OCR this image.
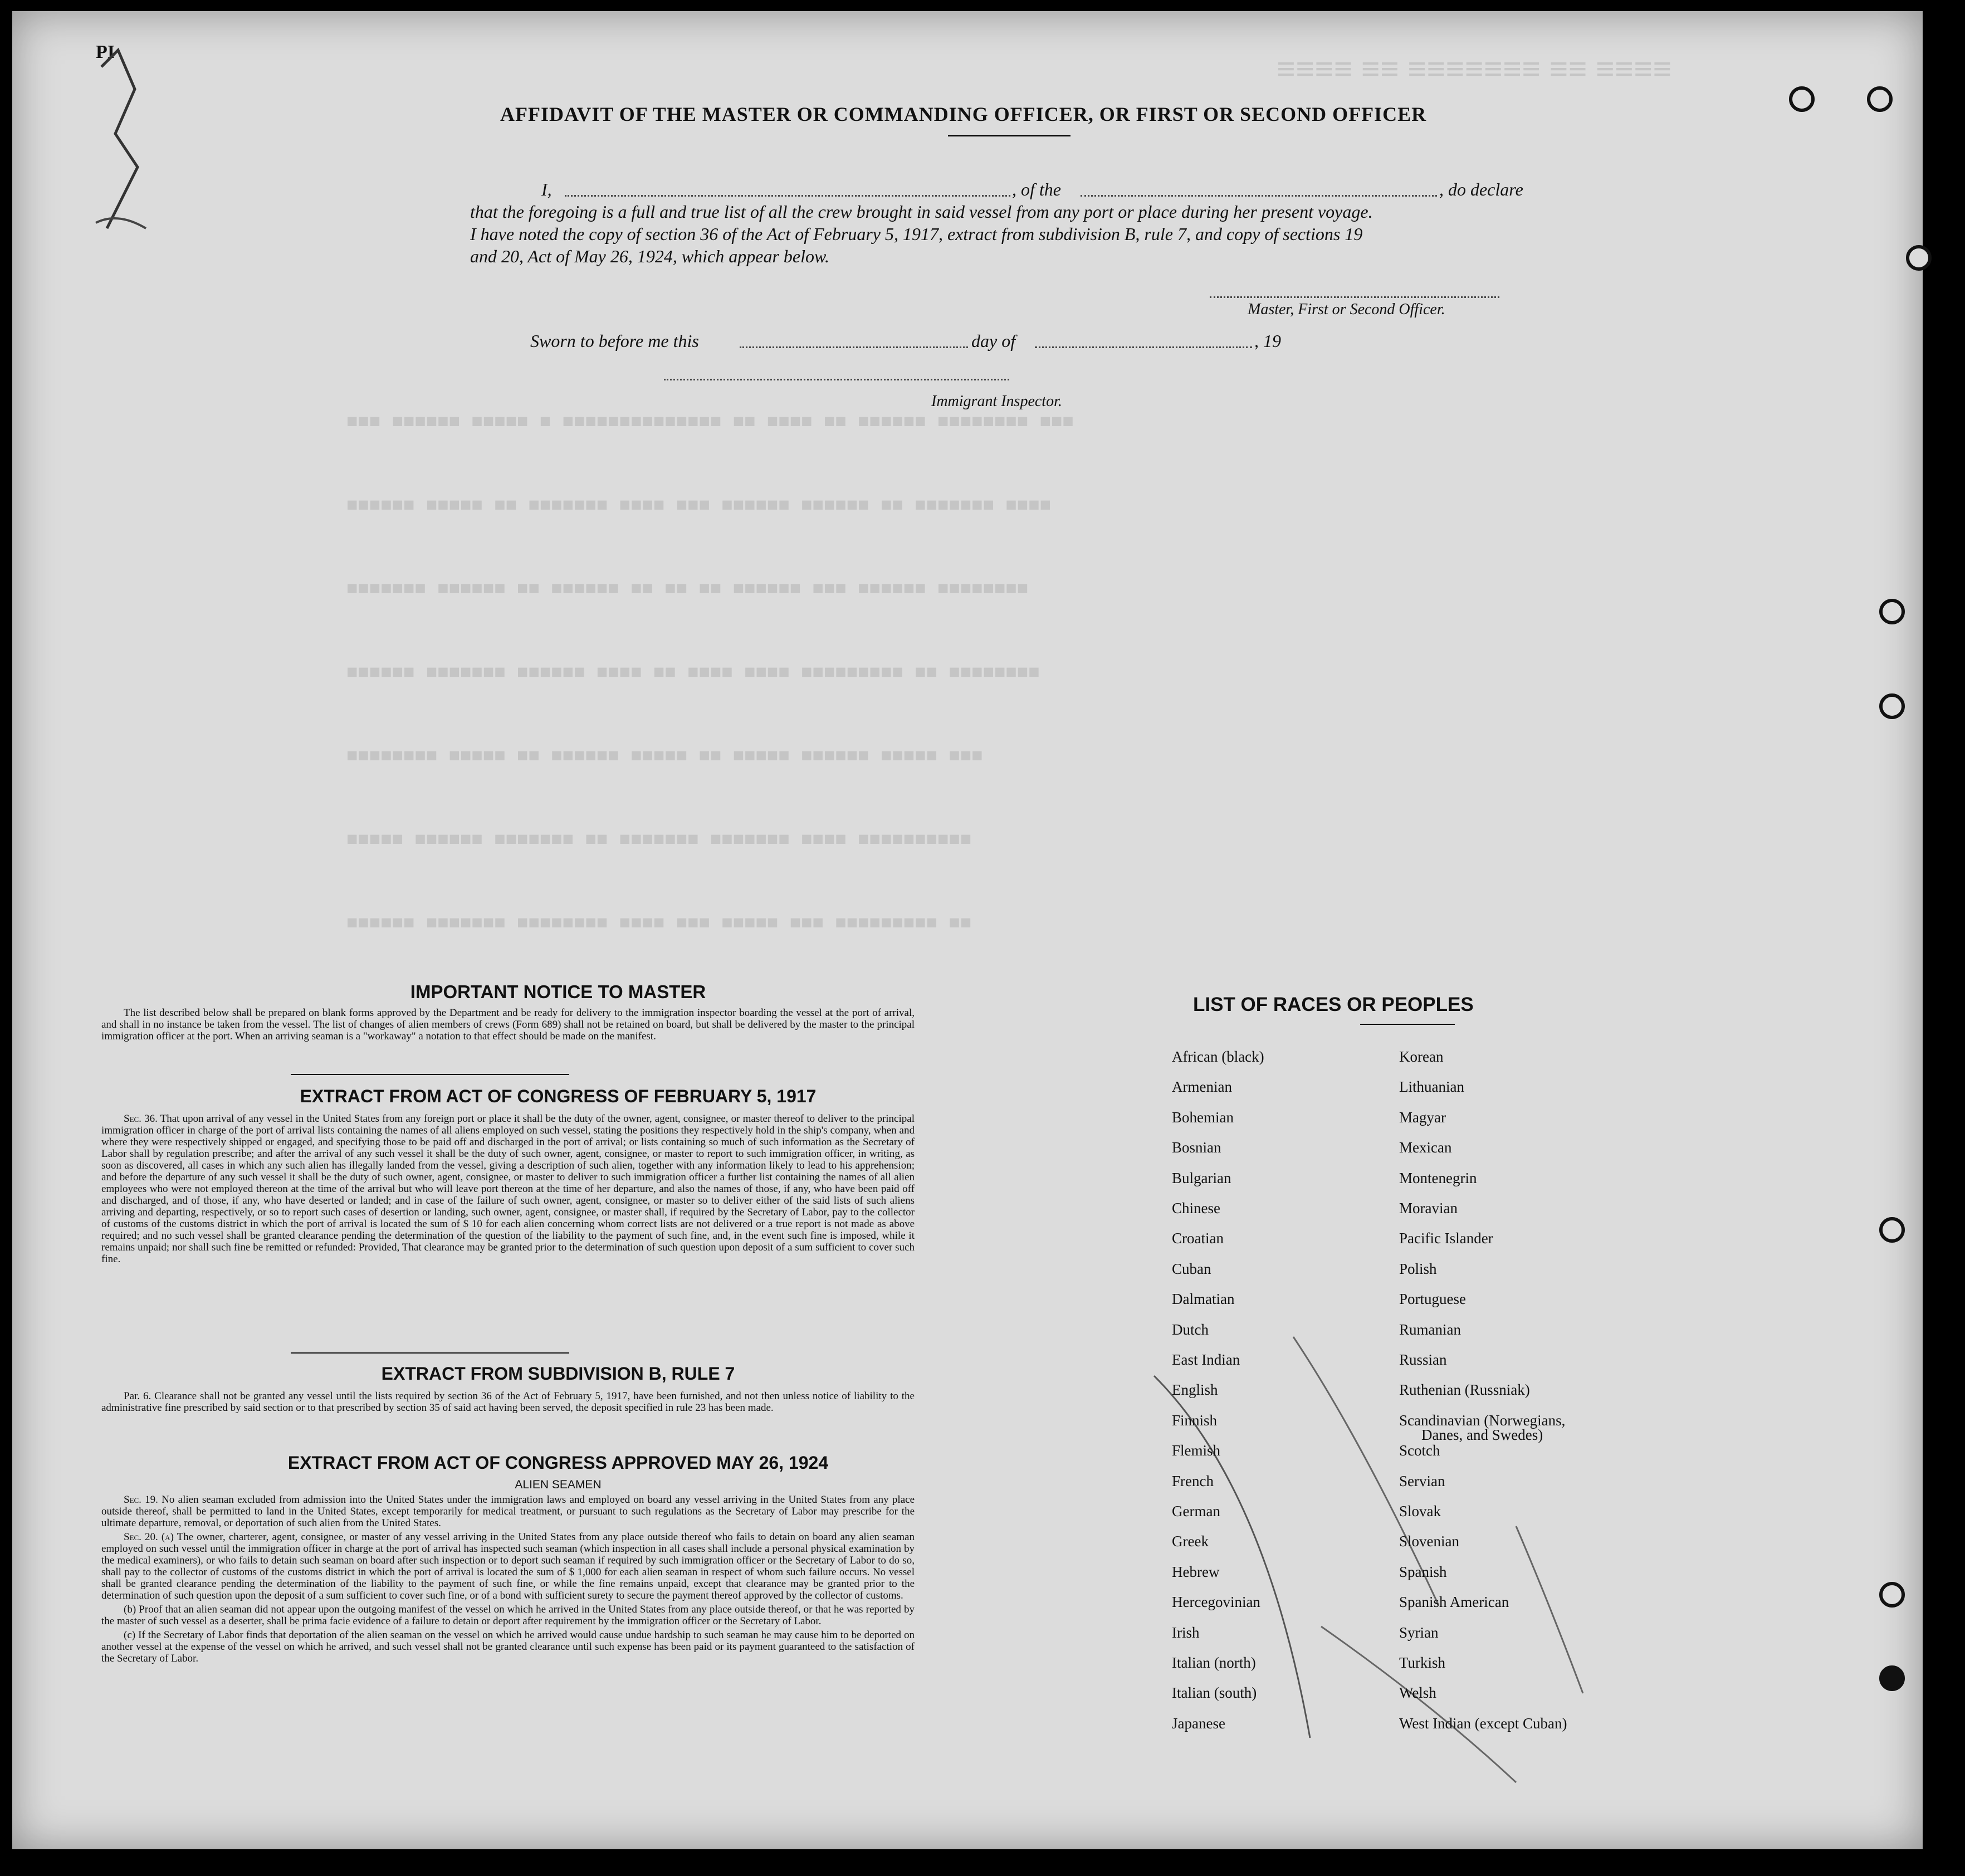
≡≡≡≡ ≡≡ ≡≡≡≡≡≡≡ ≡≡ ≡≡≡≡
■■■ ■■■■■■ ■■■■■ ■ ■■■■■■■■■■■■■■ ■■ ■■■■ ■■ ■■■■■■ ■■■■■■■■ ■■■
■■■■■■ ■■■■■ ■■ ■■■■■■■ ■■■■ ■■■ ■■■■■■ ■■■■■■ ■■ ■■■■■■■ ■■■■
■■■■■■■ ■■■■■■ ■■ ■■■■■■ ■■ ■■ ■■ ■■■■■■ ■■■ ■■■■■■ ■■■■■■■■
■■■■■■ ■■■■■■■ ■■■■■■ ■■■■ ■■ ■■■■ ■■■■ ■■■■■■■■■ ■■ ■■■■■■■■
■■■■■■■■ ■■■■■ ■■ ■■■■■■ ■■■■■ ■■ ■■■■■ ■■■■■■ ■■■■■ ■■■
■■■■■ ■■■■■■ ■■■■■■■ ■■ ■■■■■■■ ■■■■■■■ ■■■■ ■■■■■■■■■■
■■■■■■ ■■■■■■■ ■■■■■■■■ ■■■■ ■■■ ■■■■■ ■■■ ■■■■■■■■■ ■■
PI
AFFIDAVIT OF THE MASTER OR COMMANDING OFFICER, OR FIRST OR SECOND OFFICER
I,	, of the	, do declare
that the foregoing is a full and true list of all the crew brought in said vessel from any port or place during her present voyage.
I have noted the copy of section 36 of the Act of February 5, 1917, extract from subdivision B, rule 7, and copy of sections 19
and 20, Act of May 26, 1924, which appear below.
Master, First or Second Officer.
Sworn to before me this	day of	, 19
Immigrant Inspector.
IMPORTANT NOTICE TO MASTER
The list described below shall be prepared on blank forms approved by the Department and be ready for delivery to the immigration inspector boarding the vessel at the port of arrival, and shall in no instance be taken from the vessel. The list of changes of alien members of crews (Form 689) shall not be retained on board, but shall be delivered by the master to the principal immigration officer at the port. When an arriving seaman is a "workaway" a notation to that effect should be made on the manifest.
EXTRACT FROM ACT OF CONGRESS OF FEBRUARY 5, 1917
Sec. 36. That upon arrival of any vessel in the United States from any foreign port or place it shall be the duty of the owner, agent, consignee, or master thereof to deliver to the principal immigration officer in charge of the port of arrival lists containing the names of all aliens employed on such vessel, stating the positions they respectively hold in the ship's company, when and where they were respectively shipped or engaged, and specifying those to be paid off and discharged in the port of arrival; or lists containing so much of such information as the Secretary of Labor shall by regulation prescribe; and after the arrival of any such vessel it shall be the duty of such owner, agent, consignee, or master to report to such immigration officer, in writing, as soon as discovered, all cases in which any such alien has illegally landed from the vessel, giving a description of such alien, together with any information likely to lead to his apprehension; and before the departure of any such vessel it shall be the duty of such owner, agent, consignee, or master to deliver to such immigration officer a further list containing the names of all alien employees who were not employed thereon at the time of the arrival but who will leave port thereon at the time of her departure, and also the names of those, if any, who have been paid off and discharged, and of those, if any, who have deserted or landed; and in case of the failure of such owner, agent, consignee, or master so to deliver either of the said lists of such aliens arriving and departing, respectively, or so to report such cases of desertion or landing, such owner, agent, consignee, or master shall, if required by the Secretary of Labor, pay to the collector of customs of the customs district in which the port of arrival is located the sum of $ 10 for each alien concerning whom correct lists are not delivered or a true report is not made as above required; and no such vessel shall be granted clearance pending the determination of the question of the liability to the payment of such fine, and, in the event such fine is imposed, while it remains unpaid; nor shall such fine be remitted or refunded: Provided, That clearance may be granted prior to the determination of such question upon deposit of a sum sufficient to cover such fine.
EXTRACT FROM SUBDIVISION B, RULE 7
Par. 6. Clearance shall not be granted any vessel until the lists required by section 36 of the Act of February 5, 1917, have been furnished, and not then unless notice of liability to the administrative fine prescribed by said section or to that prescribed by section 35 of said act having been served, the deposit specified in rule 23 has been made.
EXTRACT FROM ACT OF CONGRESS APPROVED MAY 26, 1924
ALIEN SEAMEN

Sec. 19. No alien seaman excluded from admission into the United States under the immigration laws and employed on board any vessel arriving in the United States from any place outside thereof, shall be permitted to land in the United States, except temporarily for medical treatment, or pursuant to such regulations as the Secretary of Labor may prescribe for the ultimate departure, removal, or deportation of such alien from the United States.

Sec. 20. (a) The owner, charterer, agent, consignee, or master of any vessel arriving in the United States from any place outside thereof who fails to detain on board any alien seaman employed on such vessel until the immigration officer in charge at the port of arrival has inspected such seaman (which inspection in all cases shall include a personal physical examination by the medical examiners), or who fails to detain such seaman on board after such inspection or to deport such seaman if required by such immigration officer or the Secretary of Labor to do so, shall pay to the collector of customs of the customs district in which the port of arrival is located the sum of $ 1,000 for each alien seaman in respect of whom such failure occurs. No vessel shall be granted clearance pending the determination of the liability to the payment of such fine, or while the fine remains unpaid, except that clearance may be granted prior to the determination of such question upon the deposit of a sum sufficient to cover such fine, or of a bond with sufficient surety to secure the payment thereof approved by the collector of customs.

(b) Proof that an alien seaman did not appear upon the outgoing manifest of the vessel on which he arrived in the United States from any place outside thereof, or that he was reported by the master of such vessel as a deserter, shall be prima facie evidence of a failure to detain or deport after requirement by the immigration officer or the Secretary of Labor.

(c) If the Secretary of Labor finds that deportation of the alien seaman on the vessel on which he arrived would cause undue hardship to such seaman he may cause him to be deported on another vessel at the expense of the vessel on which he arrived, and such vessel shall not be granted clearance until such expense has been paid or its payment guaranteed to the satisfaction of the Secretary of Labor.

LIST OF RACES OR PEOPLES
African (black)
Armenian
Bohemian
Bosnian
Bulgarian
Chinese
Croatian
Cuban
Dalmatian
Dutch
East Indian
English
Finnish
Flemish
French
German
Greek
Hebrew
Hercegovinian
Irish
Italian (north)
Italian (south)
Japanese
Korean
Lithuanian
Magyar
Mexican
Montenegrin
Moravian
Pacific Islander
Polish
Portuguese
Rumanian
Russian
Ruthenian (Russniak)
Scandinavian (Norwegians,
Danes, and Swedes)
Scotch
Servian
Slovak
Slovenian
Spanish
Spanish American
Syrian
Turkish
Welsh
West Indian (except Cuban)
